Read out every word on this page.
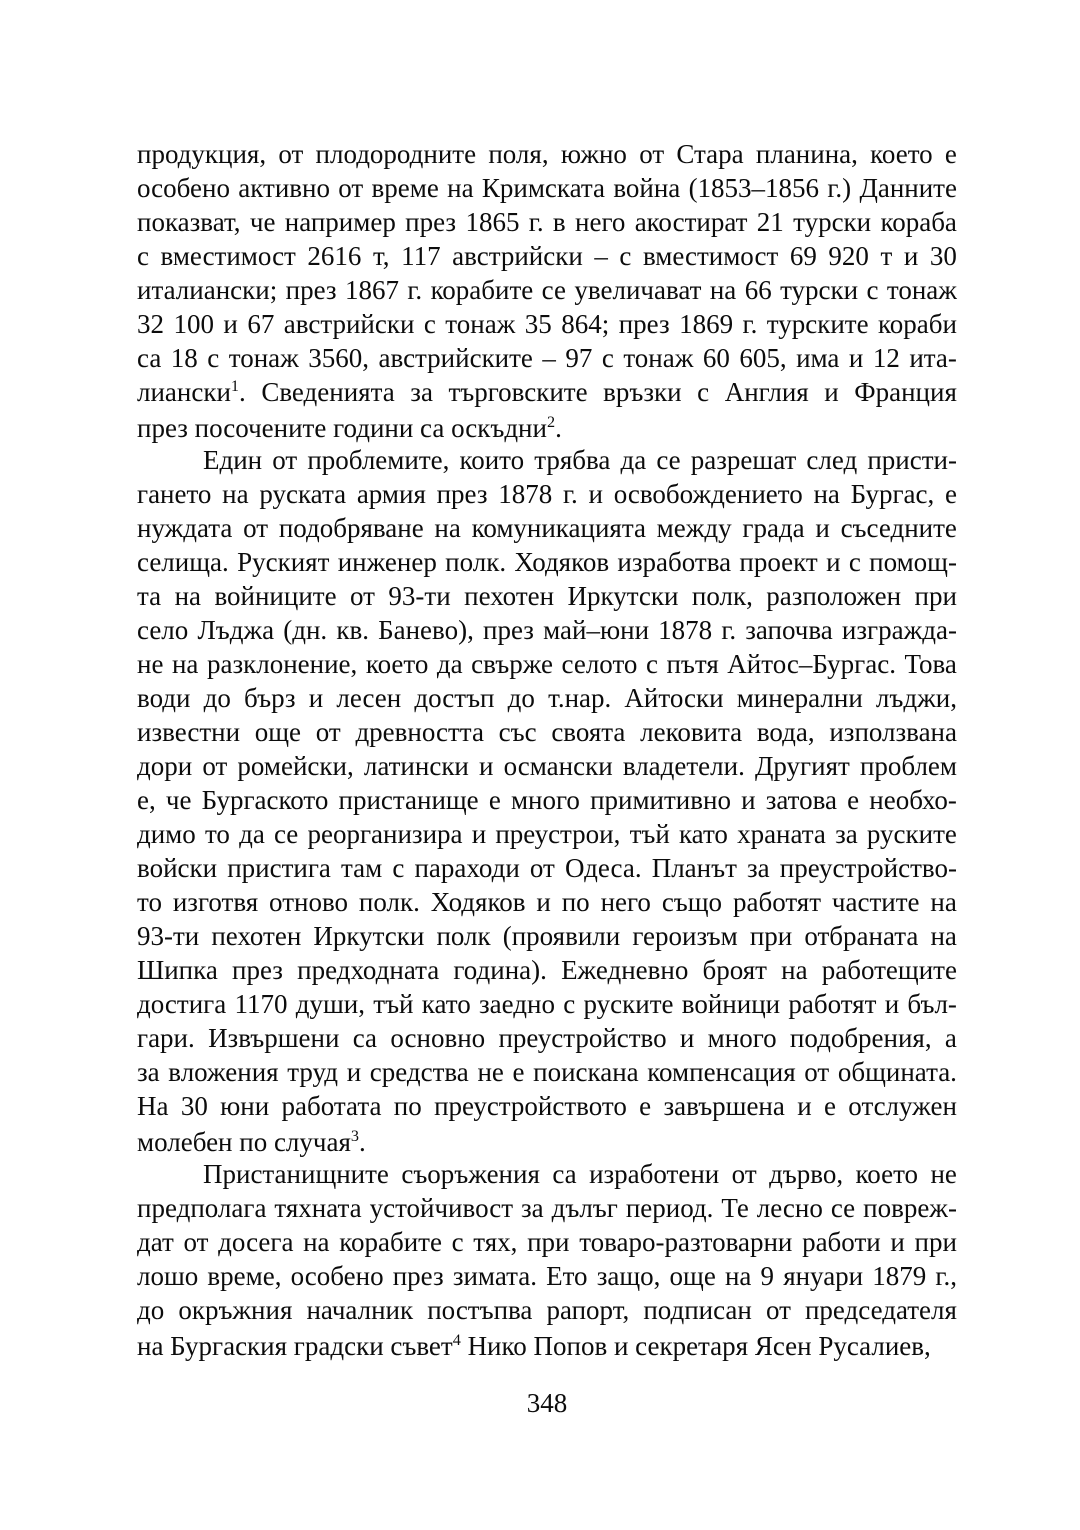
продукция, от плодородните поля, южно от Стара планина, което е
особено активно от време на Кримската война (1853–1856 г.) Данните
показват, че например през 1865 г. в него акостират 21 турски кораба
с вместимост 2616 т, 117 австрийски – с вместимост 69 920 т и 30
италиански; през 1867 г. корабите се увеличават на 66 турски с тонаж
32 100 и 67 австрийски с тонаж 35 864; през 1869 г. турските кораби
са 18 с тонаж 3560, австрийските – 97 с тонаж 60 605, има и 12 ита-
лиански$^1$. Сведенията за търговските връзки с Англия и Франция
през посочените години са оскъдни$^2$.
Един от проблемите, които трябва да се разрешат след присти-
гането на руската армия през 1878 г. и освобождението на Бургас, е
нуждата от подобряване на комуникацията между града и съседните
селища. Руският инженер полк. Ходяков изработва проект и с помощ-
та на войниците от 93-ти пехотен Иркутски полк, разположен при
село Лъджа (дн. кв. Банево), през май–юни 1878 г. започва изгражда-
не на разклонение, което да свърже селото с пътя Айтос–Бургас. Това
води до бърз и лесен достъп до т.нар. Айтоски минерални лъджи,
известни още от древността със своята лековита вода, използвана
дори от ромейски, латински и османски владетели. Другият проблем
е, че Бургаското пристанище е много примитивно и затова е необхо-
димо то да се реорганизира и преустрои, тъй като храната за руските
войски пристига там с параходи от Одеса. Планът за преустройство-
то изготвя отново полк. Ходяков и по него също работят частите на
93-ти пехотен Иркутски полк (проявили героизъм при отбраната на
Шипка през предходната година). Ежедневно броят на работещите
достига 1170 души, тъй като заедно с руските войници работят и бъл-
гари. Извършени са основно преустройство и много подобрения, а
за вложения труд и средства не е поискана компенсация от общината.
На 30 юни работата по преустройството е завършена и е отслужен
молебен по случая$^3$.
Пристанищните съоръжения са изработени от дърво, което не
предполага тяхната устойчивост за дълъг период. Те лесно се повреж-
дат от досега на корабите с тях, при товаро-разтоварни работи и при
лошо време, особено през зимата. Ето защо, още на 9 януари 1879 г.,
до окръжния началник постъпва рапорт, подписан от председателя
на Бургаския градски съвет$^4$ Нико Попов и секретаря Ясен Русалиев,
348
